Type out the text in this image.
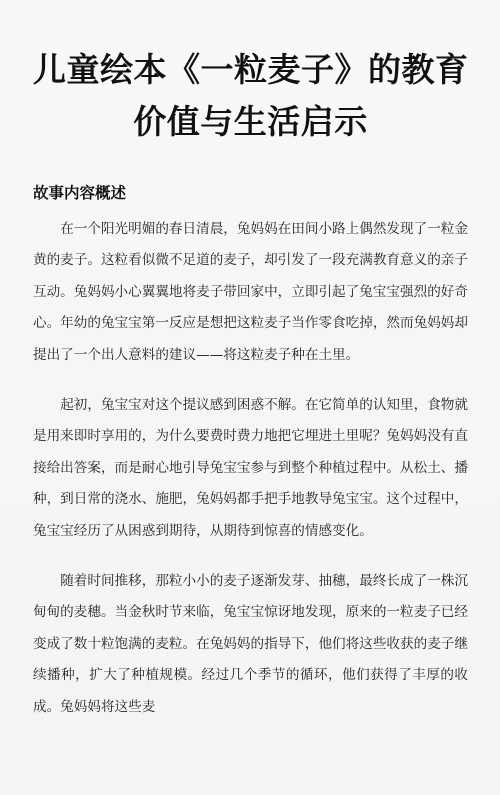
儿童绘本《一粒麦子》的教育
价值与生活启示
故事内容概述

在一个阳光明媚的春日清晨，兔妈妈在田间小路上偶然发现了一粒金黄的麦子。这粒看似微不足道的麦子，却引发了一段充满教育意义的亲子互动。兔妈妈小心翼翼地将麦子带回家中，立即引起了兔宝宝强烈的好奇心。年幼的兔宝宝第一反应是想把这粒麦子当作零食吃掉，然而兔妈妈却提出了一个出人意料的建议——将这粒麦子种在土里。

起初，兔宝宝对这个提议感到困惑不解。在它简单的认知里，食物就是用来即时享用的，为什么要费时费力地把它埋进土里呢？兔妈妈没有直接给出答案，而是耐心地引导兔宝宝参与到整个种植过程中。从松土、播种，到日常的浇水、施肥，兔妈妈都手把手地教导兔宝宝。这个过程中，兔宝宝经历了从困惑到期待，从期待到惊喜的情感变化。

随着时间推移，那粒小小的麦子逐渐发芽、抽穗，最终长成了一株沉甸甸的麦穗。当金秋时节来临，兔宝宝惊讶地发现，原来的一粒麦子已经变成了数十粒饱满的麦粒。在兔妈妈的指导下，他们将这些收获的麦子继续播种，扩大了种植规模。经过几个季节的循环，他们获得了丰厚的收成。兔妈妈将这些麦
